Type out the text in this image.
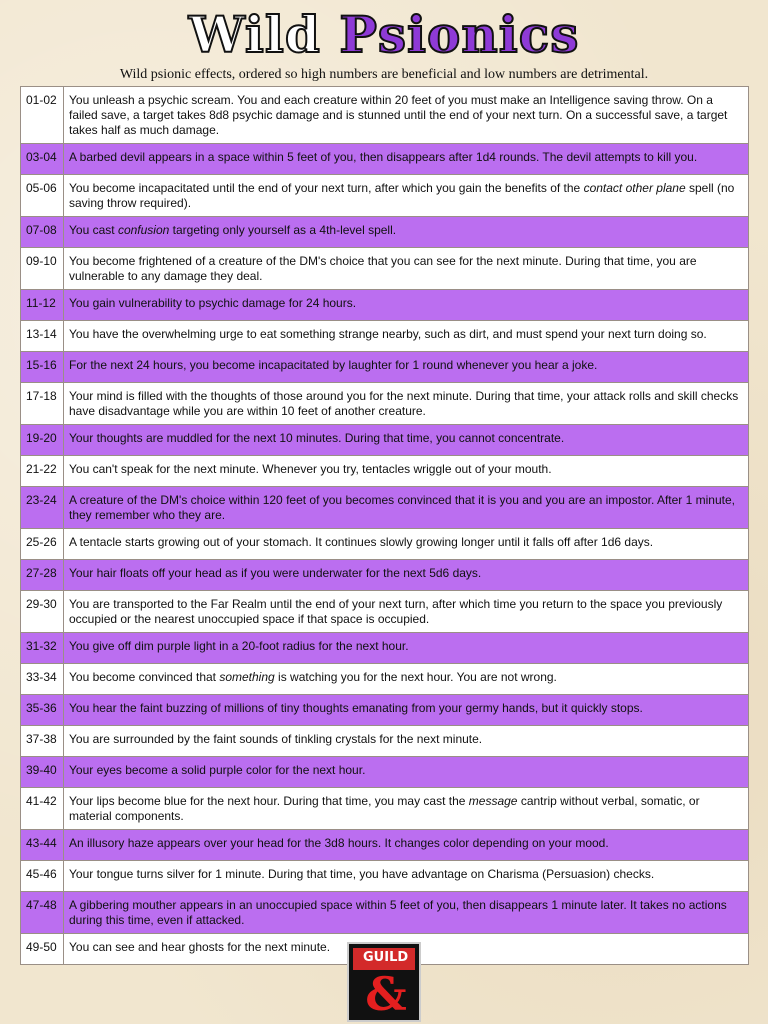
Wild Psionics

Wild psionic effects, ordered so high numbers are beneficial and low numbers are detrimental.

01-02	You unleash a psychic scream. You and each creature within 20 feet of you must make an Intelligence saving throw. On a failed save, a target takes 8d8 psychic damage and is stunned until the end of your next turn. On a successful save, a target takes half as much damage.
03-04	A barbed devil appears in a space within 5 feet of you, then disappears after 1d4 rounds. The devil attempts to kill you.
05-06	You become incapacitated until the end of your next turn, after which you gain the benefits of the contact other plane spell (no saving throw required).
07-08	You cast confusion targeting only yourself as a 4th-level spell.
09-10	You become frightened of a creature of the DM's choice that you can see for the next minute. During that time, you are vulnerable to any damage they deal.
11-12	You gain vulnerability to psychic damage for 24 hours.
13-14	You have the overwhelming urge to eat something strange nearby, such as dirt, and must spend your next turn doing so.
15-16	For the next 24 hours, you become incapacitated by laughter for 1 round whenever you hear a joke.
17-18	Your mind is filled with the thoughts of those around you for the next minute. During that time, your attack rolls and skill checks have disadvantage while you are within 10 feet of another creature.
19-20	Your thoughts are muddled for the next 10 minutes. During that time, you cannot concentrate.
21-22	You can't speak for the next minute. Whenever you try, tentacles wriggle out of your mouth.
23-24	A creature of the DM's choice within 120 feet of you becomes convinced that it is you and you are an impostor. After 1 minute, they remember who they are.
25-26	A tentacle starts growing out of your stomach. It continues slowly growing longer until it falls off after 1d6 days.
27-28	Your hair floats off your head as if you were underwater for the next 5d6 days.
29-30	You are transported to the Far Realm until the end of your next turn, after which time you return to the space you previously occupied or the nearest unoccupied space if that space is occupied.
31-32	You give off dim purple light in a 20-foot radius for the next hour.
33-34	You become convinced that something is watching you for the next hour. You are not wrong.
35-36	You hear the faint buzzing of millions of tiny thoughts emanating from your germy hands, but it quickly stops.
37-38	You are surrounded by the faint sounds of tinkling crystals for the next minute.
39-40	Your eyes become a solid purple color for the next hour.
41-42	Your lips become blue for the next hour. During that time, you may cast the message cantrip without verbal, somatic, or material components.
43-44	An illusory haze appears over your head for the 3d8 hours. It changes color depending on your mood.
45-46	Your tongue turns silver for 1 minute. During that time, you have advantage on Charisma (Persuasion) checks.
47-48	A gibbering mouther appears in an unoccupied space within 5 feet of you, then disappears 1 minute later. It takes no actions during this time, even if attacked.
49-50	You can see and hear ghosts for the next minute.
GUILD
&
